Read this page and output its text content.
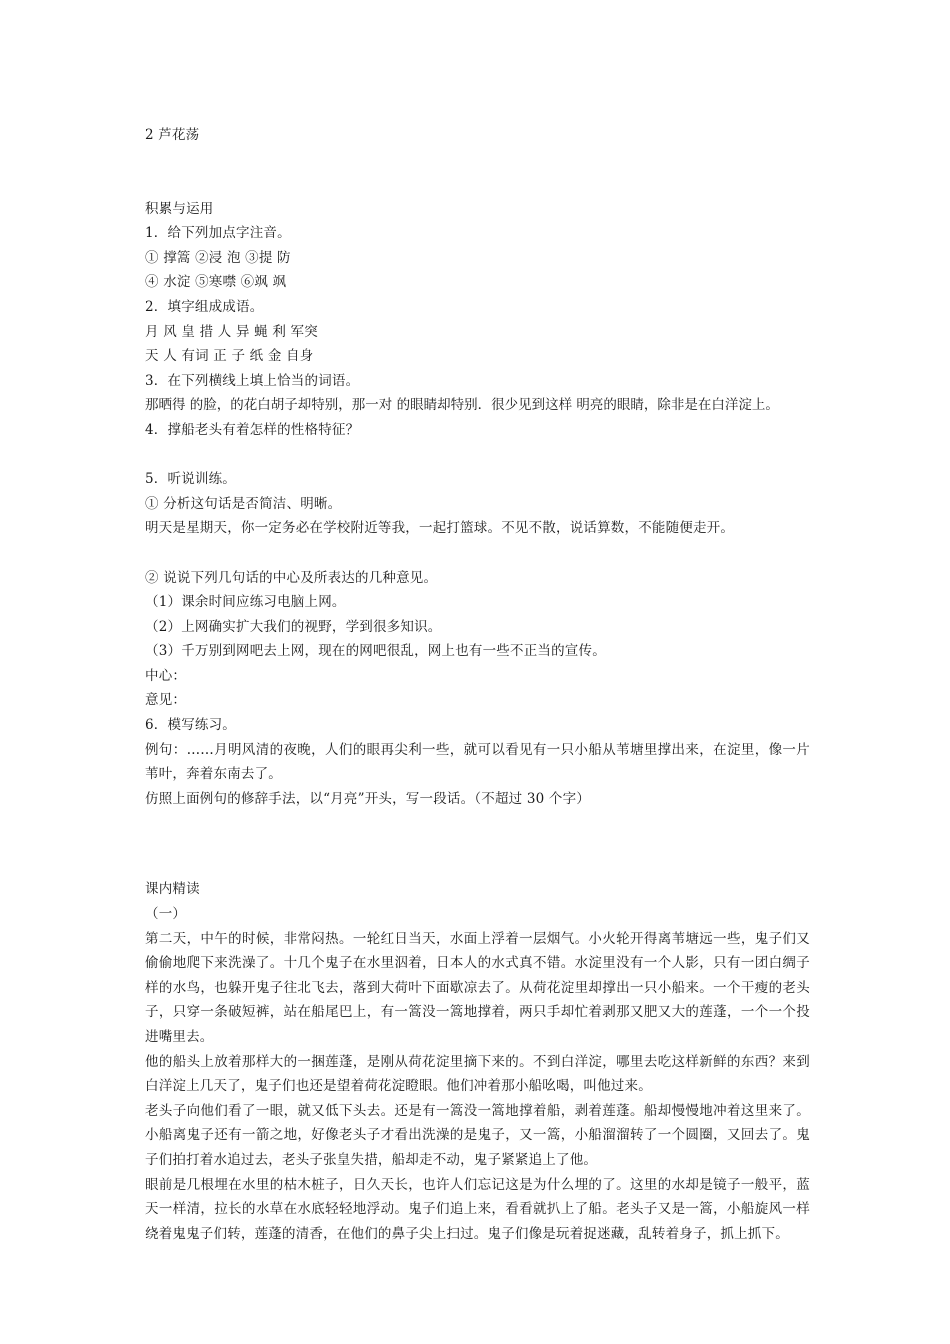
2 芦花荡
积累与运用
1．给下列加点字注音。
① 撑篙 ②浸 泡 ③提 防
④ 水淀 ⑤寒噤 ⑥飒 飒
2．填字组成成语。
月 风 皇 措 人 异 蝇 利 军突
天 人 有词 正 子 纸 金 自身
3．在下列横线上填上恰当的词语。
那晒得 的脸，的花白胡子却特别，那一对 的眼睛却特别．很少见到这样 明亮的眼睛，除非是在白洋淀上。
4．撑船老头有着怎样的性格特征？
5．听说训练。
① 分析这句话是否简洁、明晰。
明天是星期天，你一定务必在学校附近等我，一起打篮球。不见不散，说话算数，不能随便走开。
② 说说下列几句话的中心及所表达的几种意见。
（1）课余时间应练习电脑上网。
（2）上网确实扩大我们的视野，学到很多知识。
（3）千万别到网吧去上网，现在的网吧很乱，网上也有一些不正当的宣传。
中心：
意见：
6．模写练习。
例句：……月明风清的夜晚，人们的眼再尖利一些，就可以看见有一只小船从苇塘里撑出来，在淀里，像一片苇叶，奔着东南去了。
仿照上面例句的修辞手法，以“月亮”开头，写一段话。（不超过 30 个字）
课内精读
（一）
第二天，中午的时候，非常闷热。一轮红日当天，水面上浮着一层烟气。小火轮开得离苇塘远一些，鬼子们又偷偷地爬下来洗澡了。十几个鬼子在水里泅着，日本人的水式真不错。水淀里没有一个人影，只有一团白绸子样的水鸟，也躲开鬼子往北飞去，落到大荷叶下面歇凉去了。从荷花淀里却撑出一只小船来。一个干瘦的老头子，只穿一条破短裤，站在船尾巴上，有一篙没一篙地撑着，两只手却忙着剥那又肥又大的莲蓬，一个一个投进嘴里去。
他的船头上放着那样大的一捆莲蓬，是刚从荷花淀里摘下来的。不到白洋淀，哪里去吃这样新鲜的东西？来到白洋淀上几天了，鬼子们也还是望着荷花淀瞪眼。他们冲着那小船吆喝，叫他过来。
老头子向他们看了一眼，就又低下头去。还是有一篙没一篙地撑着船，剥着莲蓬。船却慢慢地冲着这里来了。小船离鬼子还有一箭之地，好像老头子才看出洗澡的是鬼子，又一篙，小船溜溜转了一个圆圈，又回去了。鬼子们拍打着水追过去，老头子张皇失措，船却走不动，鬼子紧紧追上了他。
眼前是几根埋在水里的枯木桩子，日久天长，也许人们忘记这是为什么埋的了。这里的水却是镜子一般平，蓝天一样清，拉长的水草在水底轻轻地浮动。鬼子们追上来，看看就扒上了船。老头子又是一篙，小船旋风一样绕着鬼鬼子们转，莲蓬的清香，在他们的鼻子尖上扫过。鬼子们像是玩着捉迷藏，乱转着身子，抓上抓下。
